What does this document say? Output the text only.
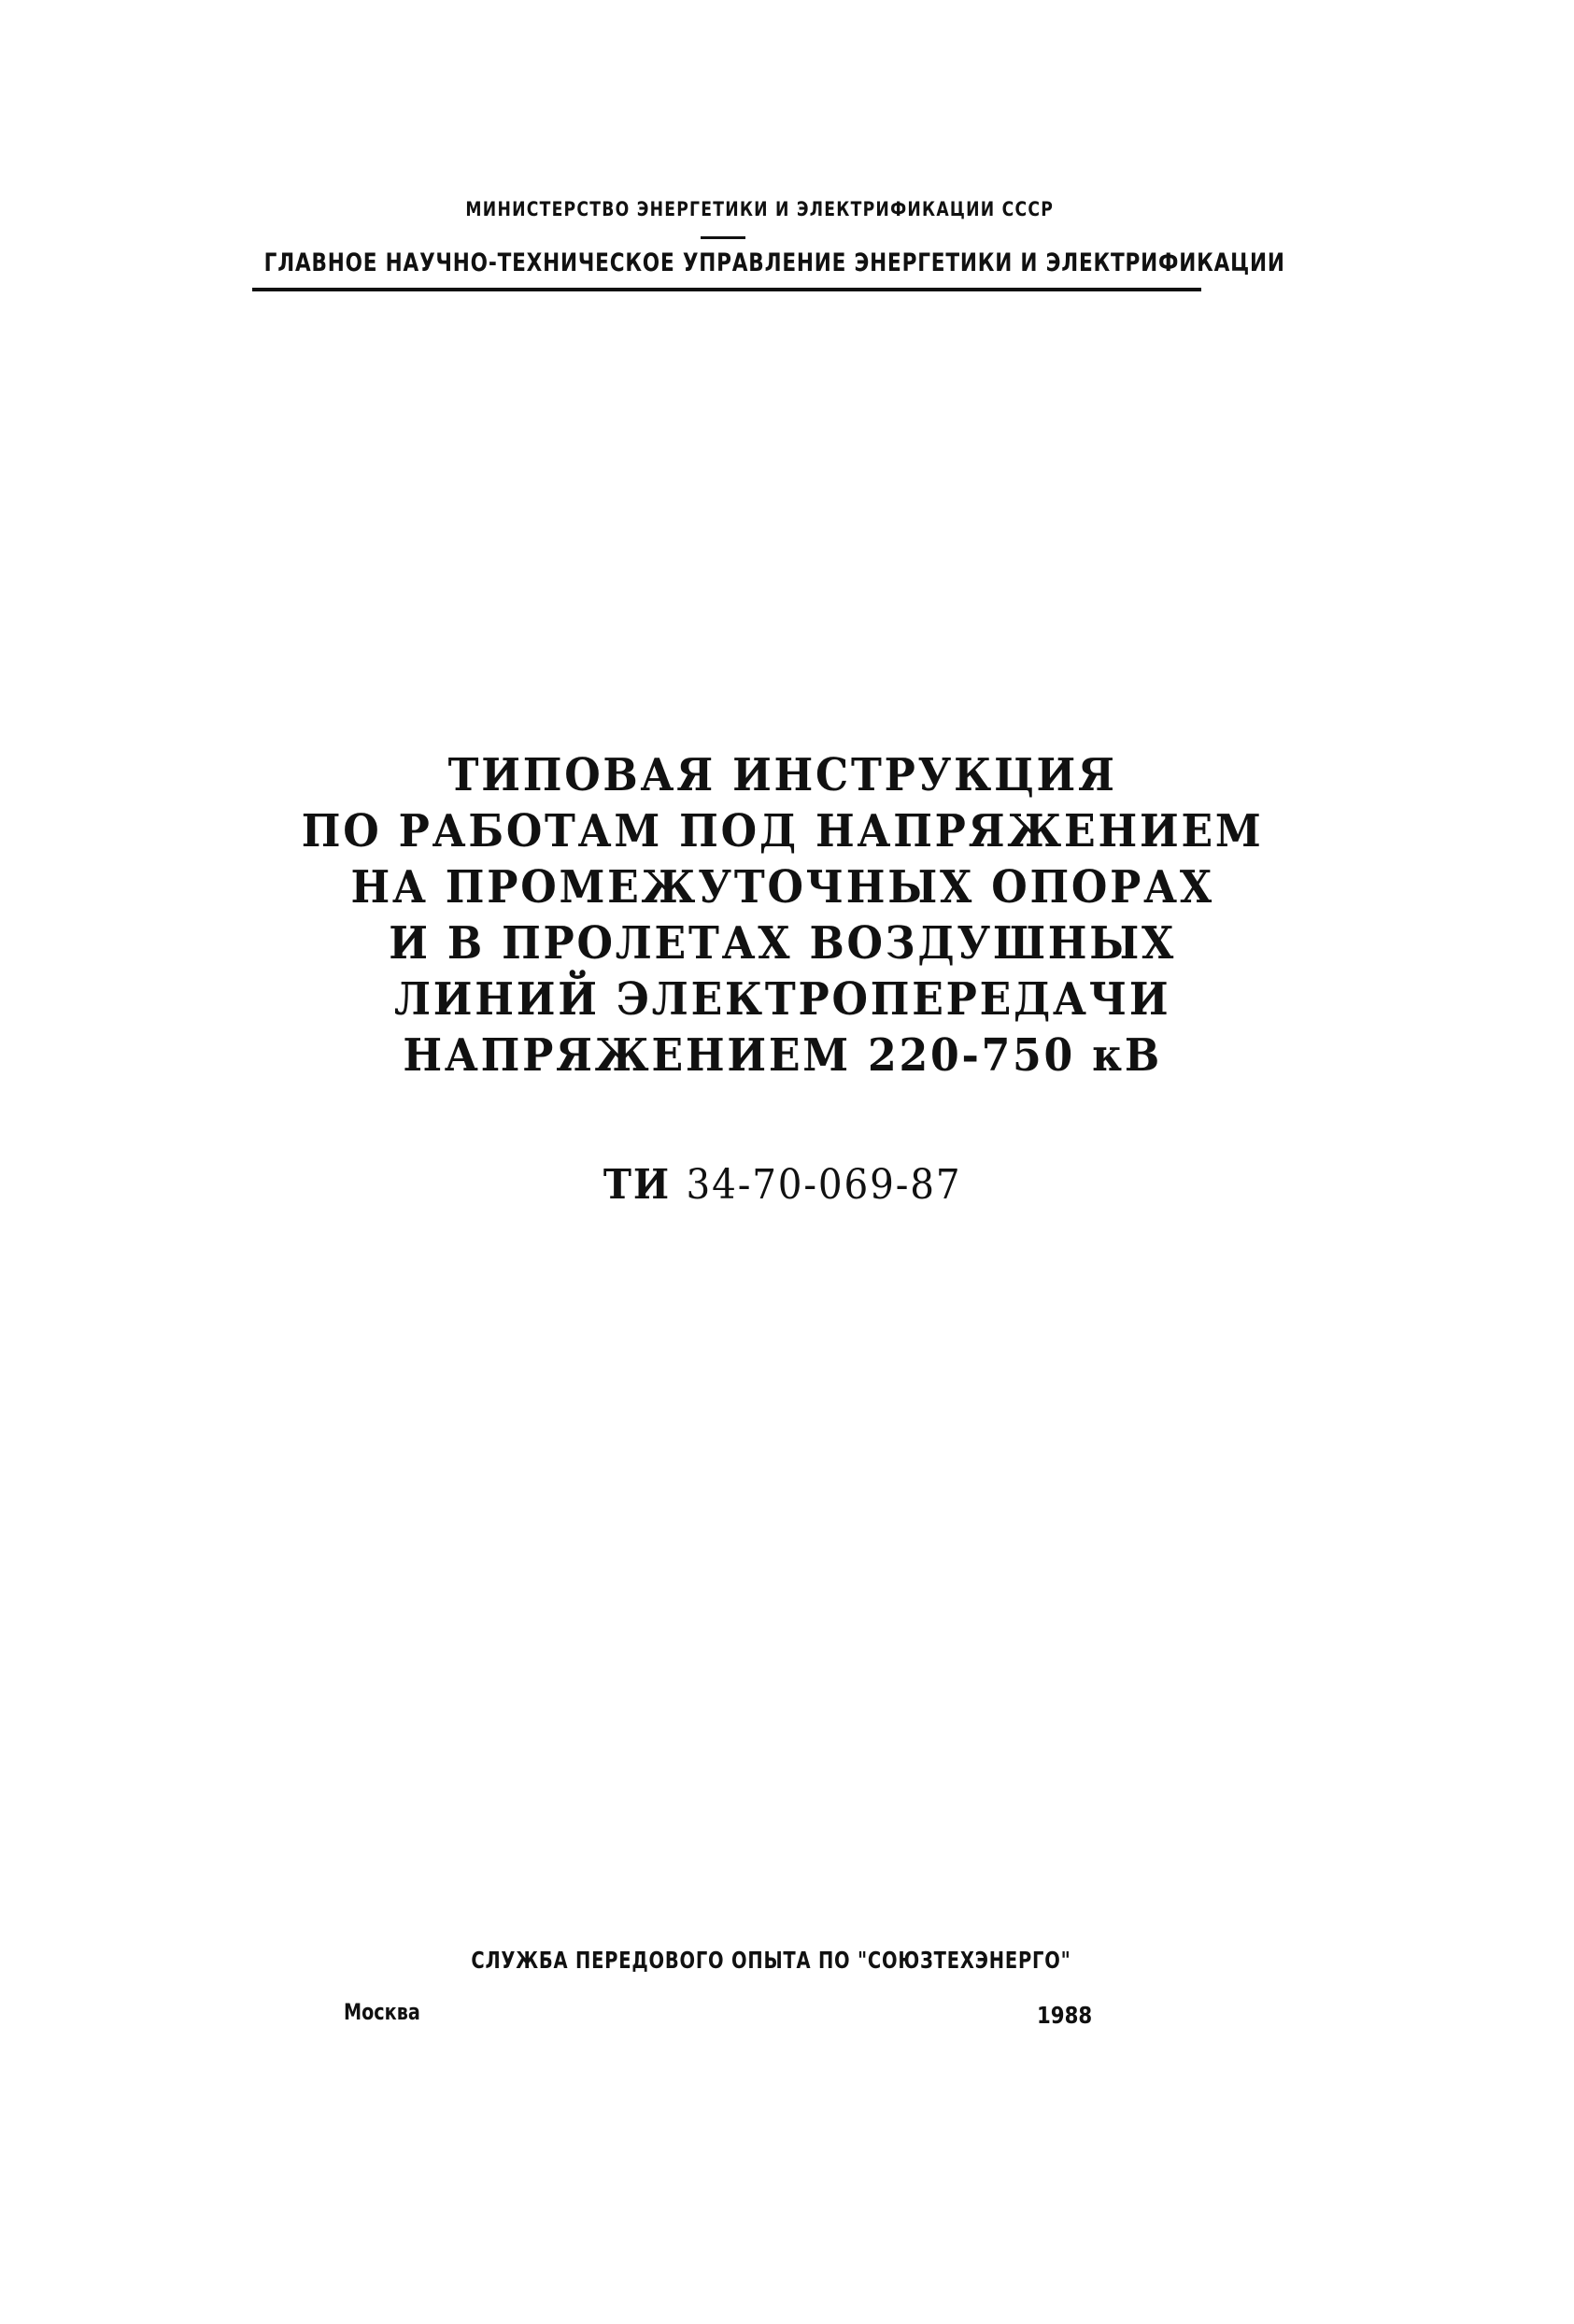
МИНИСТЕРСТВО ЭНЕРГЕТИКИ И ЭЛЕКТРИФИКАЦИИ СССР
ГЛАВНОЕ НАУЧНО-ТЕХНИЧЕСКОЕ УПРАВЛЕНИЕ ЭНЕРГЕТИКИ И ЭЛЕКТРИФИКАЦИИ
ТИПОВАЯ ИНСТРУКЦИЯ
ПО РАБОТАМ ПОД НАПРЯЖЕНИЕМ
НА ПРОМЕЖУТОЧНЫХ ОПОРАХ
И В ПРОЛЕТАХ ВОЗДУШНЫХ
ЛИНИЙ ЭЛЕКТРОПЕРЕДАЧИ
НАПРЯЖЕНИЕМ 220-750 кВ
ТИ 34-70-069-87
СЛУЖБА ПЕРЕДОВОГО ОПЫТА ПО "СОЮЗТЕХЭНЕРГО"
Москва	1988
